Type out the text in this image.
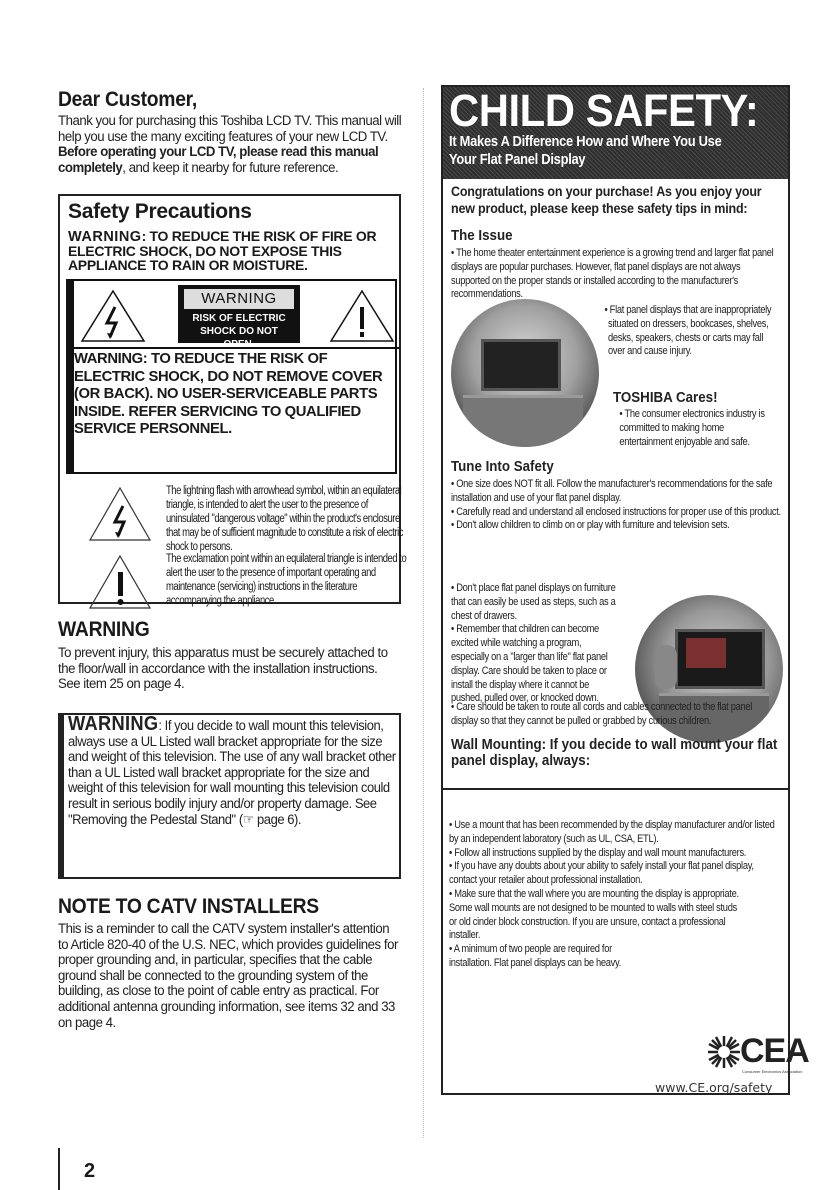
Dear Customer,
Thank you for purchasing this Toshiba LCD TV. This manual will help you use the many exciting features of your new LCD TV. Before operating your LCD TV, please read this manual completely, and keep it nearby for future reference.
Safety Precautions
WARNING: TO REDUCE THE RISK OF FIRE OR ELECTRIC SHOCK, DO NOT EXPOSE THIS APPLIANCE TO RAIN OR MOISTURE.
WARNING
RISK OF ELECTRIC SHOCK DO NOT OPEN.
WARNING: TO REDUCE THE RISK OF ELECTRIC SHOCK, DO NOT REMOVE COVER (OR BACK). NO USER-SERVICEABLE PARTS INSIDE. REFER SERVICING TO QUALIFIED SERVICE PERSONNEL.
The lightning flash with arrowhead symbol, within an equilateral triangle, is intended to alert the user to the presence of uninsulated "dangerous voltage" within the product's enclosure that may be of sufficient magnitude to constitute a risk of electric shock to persons.
The exclamation point within an equilateral triangle is intended to alert the user to the presence of important operating and maintenance (servicing) instructions in the literature accompanying the appliance.
WARNING
To prevent injury, this apparatus must be securely attached to the floor/wall in accordance with the installation instructions. See item 25 on page 4.
WARNING: If you decide to wall mount this television, always use a UL Listed wall bracket appropriate for the size and weight of this television. The use of any wall bracket other than a UL Listed wall bracket appropriate for the size and weight of this television for wall mounting this television could result in serious bodily injury and/or property damage. See "Removing the Pedestal Stand" (☞ page 6).
NOTE TO CATV INSTALLERS
This is a reminder to call the CATV system installer's attention to Article 820-40 of the U.S. NEC, which provides guidelines for proper grounding and, in particular, specifies that the cable ground shall be connected to the grounding system of the building, as close to the point of cable entry as practical. For additional antenna grounding information, see items 32 and 33 on page 4.
2
CHILD SAFETY:
It Makes A Difference How and Where You Use Your Flat Panel Display
Congratulations on your purchase! As you enjoy your new product, please keep these safety tips in mind:
The Issue
• The home theater entertainment experience is a growing trend and larger flat panel displays are popular purchases. However, flat panel displays are not always supported on the proper stands or installed according to the manufacturer's recommendations.
• Flat panel displays that are inappropriately situated on dressers, bookcases, shelves, desks, speakers, chests or carts may fall over and cause injury.
TOSHIBA Cares!
• The consumer electronics industry is committed to making home entertainment enjoyable and safe.
Tune Into Safety
• One size does NOT fit all. Follow the manufacturer's recommendations for the safe installation and use of your flat panel display.
• Carefully read and understand all enclosed instructions for proper use of this product.
• Don't allow children to climb on or play with furniture and television sets.
• Don't place flat panel displays on furniture that can easily be used as steps, such as a chest of drawers.
• Remember that children can become excited while watching a program, especially on a "larger than life" flat panel display. Care should be taken to place or install the display where it cannot be pushed, pulled over, or knocked down.
• Care should be taken to route all cords and cables connected to the flat panel display so that they cannot be pulled or grabbed by curious children.
Wall Mounting: If you decide to wall mount your flat panel display, always:
• Use a mount that has been recommended by the display manufacturer and/or listed by an independent laboratory (such as UL, CSA, ETL).
• Follow all instructions supplied by the display and wall mount manufacturers.
• If you have any doubts about your ability to safely install your flat panel display, contact your retailer about professional installation.
• Make sure that the wall where you are mounting the display is appropriate. Some wall mounts are not designed to be mounted to walls with steel studs or old cinder block construction. If you are unsure, contact a professional installer.
• A minimum of two people are required for installation. Flat panel displays can be heavy.
CEA
Consumer Electronics Association
www.CE.org/safety
